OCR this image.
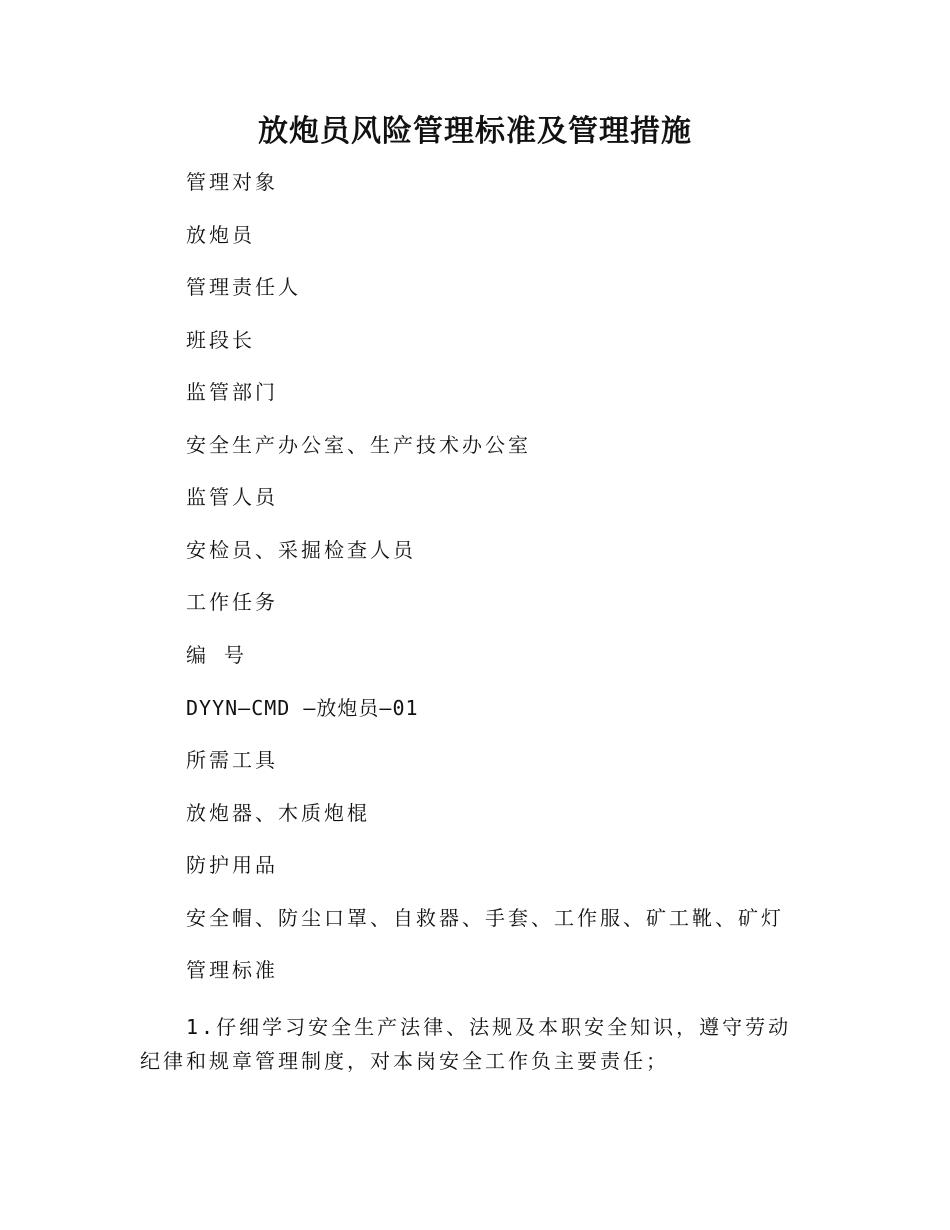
放炮员风险管理标准及管理措施
管理对象
放炮员
管理责任人
班段长
监管部门
安全生产办公室、生产技术办公室
监管人员
安检员、采掘检查人员
工作任务
编 号
DYYN—CMD –放炮员—01
所需工具
放炮器、木质炮棍
防护用品
安全帽、防尘口罩、自救器、手套、工作服、矿工靴、矿灯
管理标准
1.仔细学习安全生产法律、法规及本职安全知识，遵守劳动纪律和规章管理制度，对本岗安全工作负主要责任；
